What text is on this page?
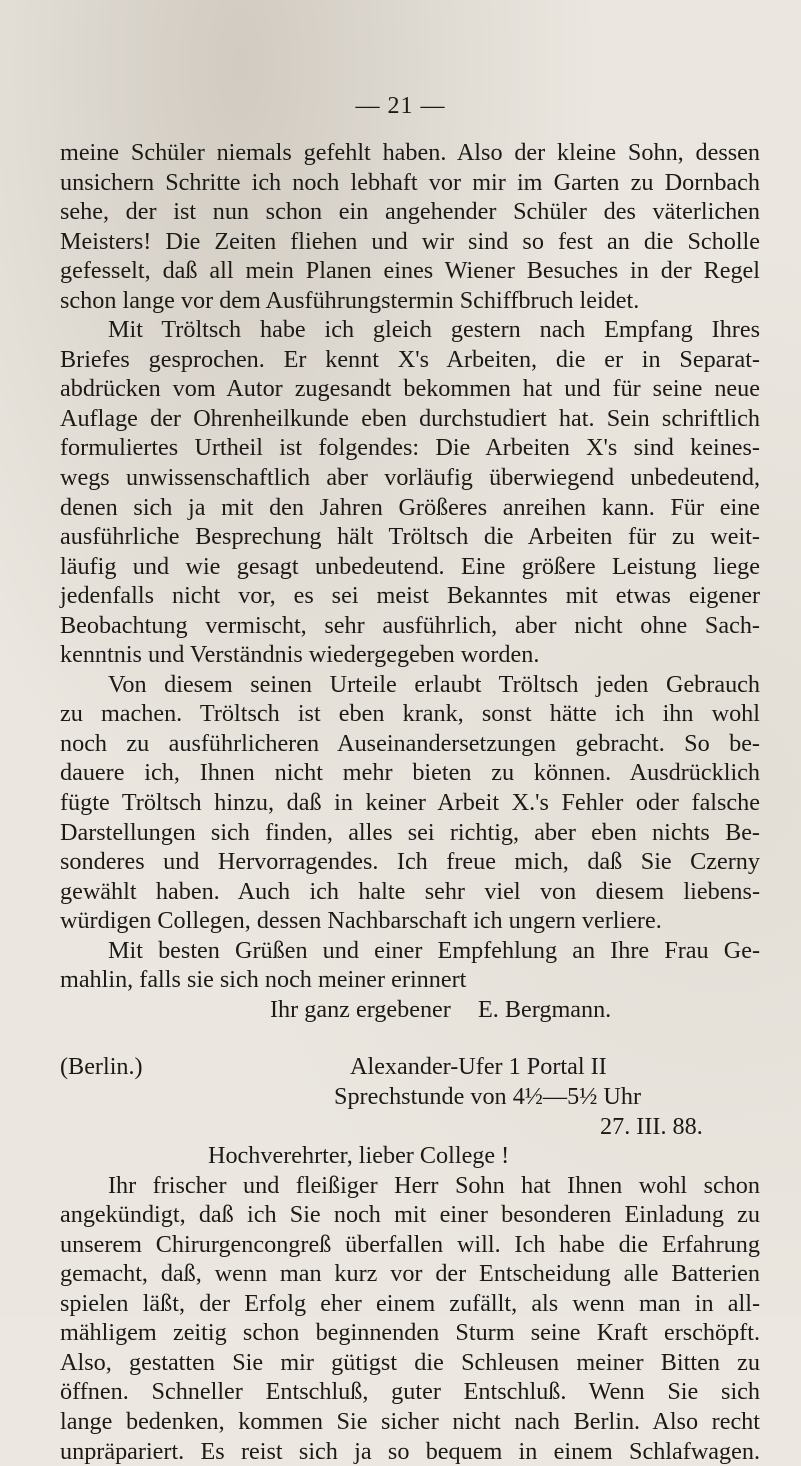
— 21 —
meine Schüler niemals gefehlt haben. Also der kleine Sohn, dessen
unsichern Schritte ich noch lebhaft vor mir im Garten zu Dornbach
sehe, der ist nun schon ein angehender Schüler des väterlichen
Meisters! Die Zeiten fliehen und wir sind so fest an die Scholle
gefesselt, daß all mein Planen eines Wiener Besuches in der Regel
schon lange vor dem Ausführungstermin Schiffbruch leidet.
Mit Tröltsch habe ich gleich gestern nach Empfang Ihres
Briefes gesprochen. Er kennt X's Arbeiten, die er in Separat-
abdrücken vom Autor zugesandt bekommen hat und für seine neue
Auflage der Ohrenheilkunde eben durchstudiert hat. Sein schriftlich
formuliertes Urtheil ist folgendes: Die Arbeiten X's sind keines-
wegs unwissenschaftlich aber vorläufig überwiegend unbedeutend,
denen sich ja mit den Jahren Größeres anreihen kann. Für eine
ausführliche Besprechung hält Tröltsch die Arbeiten für zu weit-
läufig und wie gesagt unbedeutend. Eine größere Leistung liege
jedenfalls nicht vor, es sei meist Bekanntes mit etwas eigener
Beobachtung vermischt, sehr ausführlich, aber nicht ohne Sach-
kenntnis und Verständnis wiedergegeben worden.
Von diesem seinen Urteile erlaubt Tröltsch jeden Gebrauch
zu machen. Tröltsch ist eben krank, sonst hätte ich ihn wohl
noch zu ausführlicheren Auseinandersetzungen gebracht. So be-
dauere ich, Ihnen nicht mehr bieten zu können. Ausdrücklich
fügte Tröltsch hinzu, daß in keiner Arbeit X.'s Fehler oder falsche
Darstellungen sich finden, alles sei richtig, aber eben nichts Be-
sonderes und Hervorragendes. Ich freue mich, daß Sie Czerny
gewählt haben. Auch ich halte sehr viel von diesem liebens-
würdigen Collegen, dessen Nachbarschaft ich ungern verliere.
Mit besten Grüßen und einer Empfehlung an Ihre Frau Ge-
mahlin, falls sie sich noch meiner erinnert
Ihr ganz ergebener E. Bergmann.
(Berlin.)	Alexander-Ufer 1 Portal II
Sprechstunde von 4½—5½ Uhr
27. III. 88.
Hochverehrter, lieber College !
Ihr frischer und fleißiger Herr Sohn hat Ihnen wohl schon
angekündigt, daß ich Sie noch mit einer besonderen Einladung zu
unserem Chirurgencongreß überfallen will. Ich habe die Erfahrung
gemacht, daß, wenn man kurz vor der Entscheidung alle Batterien
spielen läßt, der Erfolg eher einem zufällt, als wenn man in all-
mähligem zeitig schon beginnenden Sturm seine Kraft erschöpft.
Also, gestatten Sie mir gütigst die Schleusen meiner Bitten zu
öffnen. Schneller Entschluß, guter Entschluß. Wenn Sie sich
lange bedenken, kommen Sie sicher nicht nach Berlin. Also recht
unpräpariert. Es reist sich ja so bequem in einem Schlafwagen.
